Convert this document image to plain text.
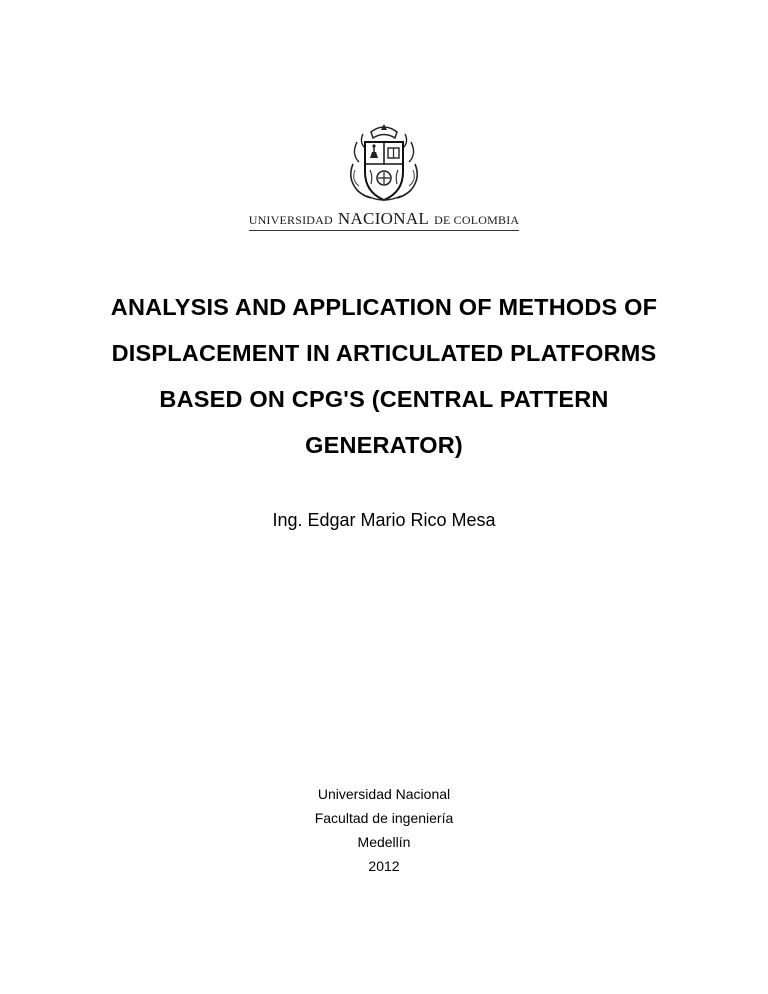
UNIVERSIDAD NACIONAL DE COLOMBIA
ANALYSIS AND APPLICATION OF METHODS OF DISPLACEMENT IN ARTICULATED PLATFORMS BASED ON CPG'S (CENTRAL PATTERN GENERATOR)
Ing. Edgar Mario Rico Mesa
Universidad Nacional
Facultad de ingeniería
Medellín
2012
